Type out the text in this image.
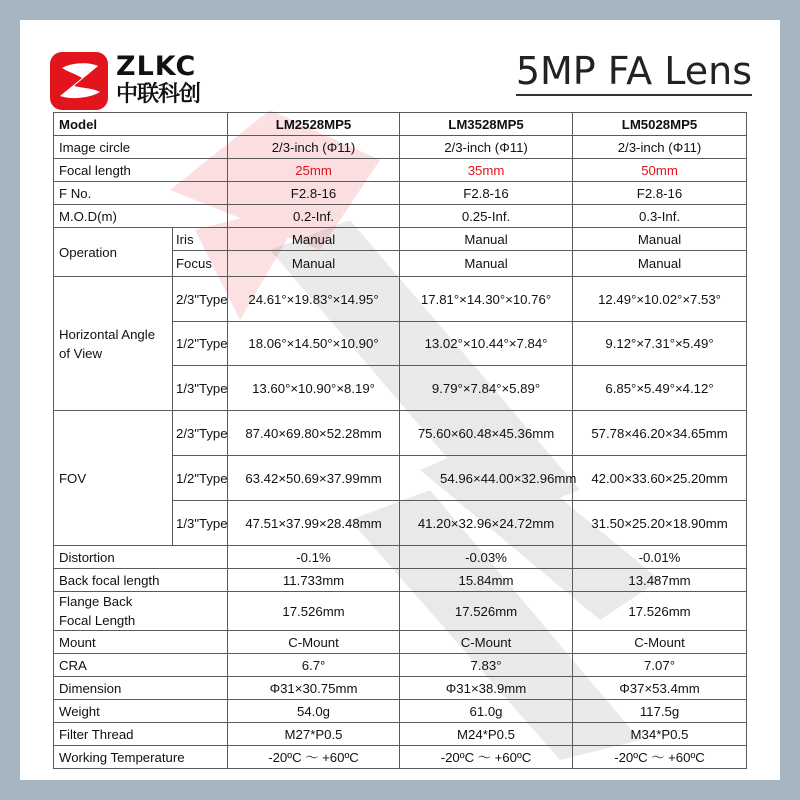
ZLKC
中联科创
5MP FA Lens
Model		LM2528MP5	LM3528MP5	LM5028MP5
Image circle		2/3-inch (Φ11)	2/3-inch (Φ11)	2/3-inch (Φ11)
Focal length		25mm	35mm	50mm
F No.		F2.8-16	F2.8-16	F2.8-16
M.O.D(m)		0.2-Inf.	0.25-Inf.	0.3-Inf.
Operation	Iris	Manual	Manual	Manual
	Focus	Manual	Manual	Manual
Horizontal Angle of View	2/3"Type	24.61°×19.83°×14.95°	17.81°×14.30°×10.76°	12.49°×10.02°×7.53°
	1/2"Type	18.06°×14.50°×10.90°	13.02°×10.44°×7.84°	9.12°×7.31°×5.49°
	1/3"Type	13.60°×10.90°×8.19°	9.79°×7.84°×5.89°	6.85°×5.49°×4.12°
FOV	2/3"Type	87.40×69.80×52.28mm	75.60×60.48×45.36mm	57.78×46.20×34.65mm
	1/2"Type	63.42×50.69×37.99mm	54.96×44.00×32.96mm	42.00×33.60×25.20mm
	1/3"Type	47.51×37.99×28.48mm	41.20×32.96×24.72mm	31.50×25.20×18.90mm
Distortion		-0.1%	-0.03%	-0.01%
Back focal length		11.733mm	15.84mm	13.487mm
Flange Back Focal Length		17.526mm	17.526mm	17.526mm
Mount		C-Mount	C-Mount	C-Mount
CRA		6.7°	7.83°	7.07°
Dimension		Φ31×30.75mm	Φ31×38.9mm	Φ37×53.4mm
Weight		54.0g	61.0g	117.5g
Filter Thread		M27*P0.5	M24*P0.5	M34*P0.5
Working Temperature		-20ºC ～ +60ºC	-20ºC ～ +60ºC	-20ºC ～ +60ºC
